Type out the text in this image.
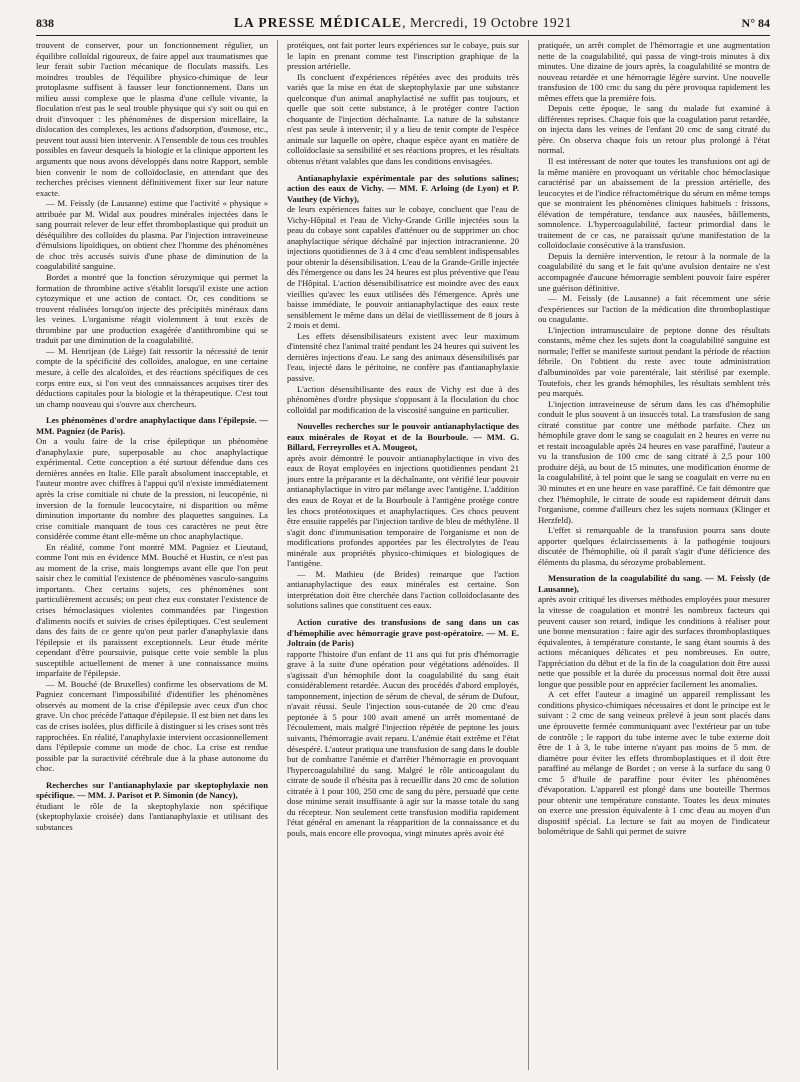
838	LA PRESSE MÉDICALE, Mercredi, 19 Octobre 1921	N° 84

trouvent de conserver, pour un fonctionnement régulier, un équilibre colloïdal rigoureux, de faire appel aux traumatismes que leur ferait subir l'action mécanique de floculats massifs. Les moindres troubles de l'équilibre physico-chimique de leur protoplasme suffisent à fausser leur fonctionnement. Dans un milieu aussi complexe que le plasma d'une cellule vivante, la floculation n'est pas le seul trouble physique qui s'y soit ou qui en droit d'invoquer : les phénomènes de dispersion micellaire, la dislocation des complexes, les actions d'adsorption, d'osmose, etc., peuvent tout aussi bien intervenir. A l'ensemble de tous ces troubles possibles en faveur desquels la biologie et la clinique apportent les arguments que nous avons développés dans notre Rapport, semble bien convenir le nom de colloïdoclasie, en attendant que des recherches précises viennent définitivement fixer sur leur nature exacte.

— M. Feissly (de Lausanne) estime que l'activité « physique » attribuée par M. Widal aux poudres minérales injectées dans le sang pourrait relever de leur effet thromboplastique qui produit un déséquilibre des colloïdes du plasma. Par l'injection intraveineuse d'émulsions lipoïdiques, on obtient chez l'homme des phénomènes de choc très accusés suivis d'une phase de diminution de la coagulabilité sanguine.

Bordet a montré que la fonction sérozymique qui permet la formation de thrombine active s'établit lorsqu'il existe une action cytozymique et une action de contact. Or, ces conditions se trouvent réalisées lorsqu'on injecte des précipités minéraux dans les veines. L'organisme réagit violemment à tout excès de thrombine par une production exagérée d'antithrombine qui se traduit par une diminution de la coagulabilité.

— M. Henrijean (de Liège) fait ressortir la nécessité de tenir compte de la spécificité des colloïdes, analogue, en une certaine mesure, à celle des alcaloïdes, et des réactions spécifiques de ces corps entre eux, si l'on veut des connaissances acquises tirer des déductions capitales pour la biologie et la thérapeutique. C'est tout un champ nouveau qui s'ouvre aux chercheurs.

Les phénomènes d'ordre anaphylactique dans l'épilepsie. — MM. Pagniez (de Paris).

On a voulu faire de la crise épileptique un phénomène d'anaphylaxie pure, superposable au choc anaphylactique expérimental. Cette conception a été surtout défendue dans ces dernières années en Italie. Elle paraît absolument inacceptable, et l'auteur montre avec chiffres à l'appui qu'il n'existe immédiatement après la crise comitiale ni chute de la pression, ni leucopénie, ni inversion de la formule leucocytaire, ni disparition ou même diminution importante du nombre des plaquettes sanguines. La crise comitiale manquant de tous ces caractères ne peut être considérée comme étant elle-même un choc anaphylactique.

En réalité, comme l'ont montré MM. Pagniez et Lieutaud, comme l'ont mis en évidence MM. Bouché et Hustin, ce n'est pas au moment de la crise, mais longtemps avant elle que l'on peut saisir chez le comitial l'existence de phénomènes vasculo-sanguins importants. Chez certains sujets, ces phénomènes sont particulièrement accusés; on peut chez eux constater l'existence de crises hémoclasiques violentes commandées par l'ingestion d'aliments nocifs et suivies de crises épileptiques. C'est seulement dans des faits de ce genre qu'on peut parler d'anaphylaxie dans l'épilepsie et ils paraissent exceptionnels. Leur étude mérite cependant d'être poursuivie, puisque cette voie semble la plus susceptible actuellement de mener à une connaissance moins imparfaite de l'épilepsie.

— M. Bouché (de Bruxelles) confirme les observations de M. Pagniez concernant l'impossibilité d'identifier les phénomènes observés au moment de la crise d'épilepsie avec ceux d'un choc grave. Un choc précède l'attaque d'épilepsie. Il est bien net dans les cas de crises isolées, plus difficile à distinguer si les crises sont très rapprochées. En réalité, l'anaphylaxie intervient occasionnellement dans l'épilepsie comme un mode de choc. La crise est rendue possible par la suractivité cérébrale due à la phase autonome du choc.

Recherches sur l'antianaphylaxie par skeptophylaxie non spécifique. — MM. J. Parisot et P. Simonin (de Nancy),

étudiant le rôle de la skeptophylaxie non spécifique (skeptophylaxie croisée) dans l'antianaphylaxie et utilisant des substances

protéiques, ont fait porter leurs expériences sur le cobaye, puis sur le lapin en prenant comme test l'inscription graphique de la pression artérielle.

Ils concluent d'expériences répétées avec des produits très variés que la mise en état de skeptophylaxie par une substance quelconque d'un animal anaphylactisé ne suffit pas toujours, et quelle que soit cette substance, à le protéger contre l'action choquante de l'injection déchaînante. La nature de la substance n'est pas seule à intervenir; il y a lieu de tenir compte de l'espèce animale sur laquelle on opère, chaque espèce ayant en matière de colloïdoclasie sa sensibilité et ses réactions propres, et les résultats obtenus n'étant valables que dans les conditions envisagées.

Antianaphylaxie expérimentale par des solutions salines; action des eaux de Vichy. — MM. F. Arloing (de Lyon) et P. Vauthey (de Vichy),

de leurs expériences faites sur le cobaye, concluent que l'eau de Vichy-Hôpital et l'eau de Vichy-Grande Grille injectées sous la peau du cobaye sont capables d'atténuer ou de supprimer un choc anaphylactique sérique déchaîné par injection intracranienne. 20 injections quotidiennes de 3 à 4 cmc d'eau semblent indispensables pour obtenir la désensibilisation. L'eau de la Grande-Grille injectée dès l'émergence ou dans les 24 heures est plus préventive que l'eau de l'Hôpital. L'action désensibilisatrice est moindre avec des eaux vieillies qu'avec les eaux utilisées dès l'émergence. Après une baisse immédiate, le pouvoir antianaphylactique des eaux reste sensiblement le même dans un délai de vieillissement de 8 jours à 2 mois et demi.

Les effets désensibilisateurs existent avec leur maximum d'intensité chez l'animal traité pendant les 24 heures qui suivent les dernières injections d'eau. Le sang des animaux désensibilisés par l'eau, injecté dans le péritoine, ne confère pas d'antianaphylaxie passive.

L'action désensibilisante des eaux de Vichy est due à des phénomènes d'ordre physique s'opposant à la floculation du choc colloïdal par modification de la viscosité sanguine en particulier.

Nouvelles recherches sur le pouvoir antianaphylactique des eaux minérales de Royat et de la Bourboule. — MM. G. Billard, Ferreyrolles et A. Mougeot,

après avoir démontré le pouvoir antianaphylactique in vivo des eaux de Royat employées en injections quotidiennes pendant 21 jours entre la préparante et la déchaînante, ont vérifié leur pouvoir antianaphylactique in vitro par mélange avec l'antigène. L'addition des eaux de Royat et de la Bourboule à l'antigène protège contre les chocs protéotoxiques et anaphylactiques. Ces chocs peuvent être ensuite rappelés par l'injection tardive de bleu de méthylène. Il s'agit donc d'immunisation temporaire de l'organisme et non de modifications profondes apportées par les électrolytes de l'eau minérale aux propriétés physico-chimiques et biologiques de l'antigène.

— M. Mathieu (de Brides) remarque que l'action antianaphylactique des eaux minérales est certaine. Son interprétation doit être cherchée dans l'action colloïdoclasante des solutions salines que constituent ces eaux.

Action curative des transfusions de sang dans un cas d'hémophilie avec hémorragie grave post-opératoire. — M. E. Joltrain (de Paris)

rapporte l'histoire d'un enfant de 11 ans qui fut pris d'hémorragie grave à la suite d'une opération pour végétations adénoïdes. Il s'agissait d'un hémophile dont la coagulabilité du sang était considérablement retardée. Aucun des procédés d'abord employés, tamponnement, injection de sérum de cheval, de sérum de Dufour, n'avait réussi. Seule l'injection sous-cutanée de 20 cmc d'eau peptonée à 5 pour 100 avait amené un arrêt momentané de l'écoulement, mais malgré l'injection répétée de peptone les jours suivants, l'hémorragie avait reparu. L'anémie était extrême et l'état désespéré. L'auteur pratiqua une transfusion de sang dans le double but de combattre l'anémie et d'arrêter l'hémorragie en provoquant l'hypercoagulabilité du sang. Malgré le rôle anticoagulant du citrate de soude il n'hésita pas à recueillir dans 20 cmc de solution citratée à 1 pour 100, 250 cmc de sang du père, persuadé que cette dose minime serait insuffisante à agir sur la masse totale du sang du récepteur. Non seulement cette transfusion modifia rapidement l'état général en amenant la réapparition de la connaissance et du pouls, mais encore elle provoqua, vingt minutes après avoir été

pratiquée, un arrêt complet de l'hémorragie et une augmentation nette de la coagulabilité, qui passa de vingt-trois minutes à dix minutes. Une dizaine de jours après, la coagulabilité se montra de nouveau retardée et une hémorragie légère survint. Une nouvelle transfusion de 100 cmc du sang du père provoqua rapidement les mêmes effets que la première fois.

Depuis cette époque, le sang du malade fut examiné à différentes reprises. Chaque fois que la coagulation parut retardée, on injecta dans les veines de l'enfant 20 cmc de sang citraté du père. On observa chaque fois un retour plus prolongé à l'état normal.

Il est intéressant de noter que toutes les transfusions ont agi de la même manière en provoquant un véritable choc hémoclasique caractérisé par un abaissement de la pression artérielle, des leucocytes et de l'indice réfractométrique du sérum en même temps que se montraient les phénomènes cliniques habituels : frissons, élévation de température, tendance aux nausées, bâillements, somnolence. L'hypercoagulabilité, facteur primordial dans le traitement de ce cas, ne paraissait qu'une manifestation de la colloïdoclasie consécutive à la transfusion.

Depuis la dernière intervention, le retour à la normale de la coagulabilité du sang et le fait qu'une avulsion dentaire ne s'est accompagnée d'aucune hémorragie semblent pouvoir faire espérer une guérison définitive.

— M. Feissly (de Lausanne) a fait récemment une série d'expériences sur l'action de la médication dite thromboplastique ou coagulante.

L'injection intramusculaire de peptone donne des résultats constants, même chez les sujets dont la coagulabilité sanguine est normale; l'effet se manifeste surtout pendant la période de réaction fébrile. On l'obtient du reste avec toute administration d'albuminoïdes par voie parentérale, lait stérilisé par exemple. Toutefois, chez les grands hémophiles, les résultats semblent très peu marqués.

L'injection intraveineuse de sérum dans les cas d'hémophilie conduit le plus souvent à un insuccès total. La transfusion de sang citraté constitue par contre une méthode parfaite. Chez un hémophile grave dont le sang se coagulait en 2 heures en verre nu et restait incoagulable après 24 heures en vase paraffiné, l'auteur a vu la transfusion de 100 cmc de sang citraté à 2,5 pour 100 produire déjà, au bout de 15 minutes, une modification énorme de la coagulabilité, à tel point que le sang se coagulait en verre nu en 30 minutes et en une heure en vase paraffiné. Ce fait démontre que chez l'hémophile, le citrate de soude est rapidement détruit dans l'organisme, comme d'ailleurs chez les sujets normaux (Klinger et Herzfeld).

L'effet si remarquable de la transfusion pourra sans doute apporter quelques éclaircissements à la pathogénie toujours discutée de l'hémophilie, où il paraît s'agir d'une déficience des éléments du plasma, du sérozyme probablement.

Mensuration de la coagulabilité du sang. — M. Feissly (de Lausanne),

après avoir critiqué les diverses méthodes employées pour mesurer la vitesse de coagulation et montré les nombreux facteurs qui peuvent causer son retard, indique les conditions à réaliser pour une bonne mensuration : faire agir des surfaces thromboplastiques équivalentes, à température constante, le sang étant soumis à des actions mécaniques délicates et peu nombreuses. En outre, l'appréciation du début et de la fin de la coagulation doit être aussi nette que possible et la durée du processus normal doit être aussi longue que possible pour en apprécier facilement les anomalies.

A cet effet l'auteur a imaginé un appareil remplissant les conditions physico-chimiques nécessaires et dont le principe est le suivant : 2 cmc de sang veineux prélevé à jeun sont placés dans une éprouvette fermée communiquant avec l'extérieur par un tube de contrôle ; le rapport du tube interne avec le tube externe doit être de 1 à 3, le tube interne n'ayant pas moins de 5 mm. de diamètre pour éviter les effets thromboplastiques et il doit être paraffiné au mélange de Bordet ; on verse à la surface du sang 0 cmc 5 d'huile de paraffine pour éviter les phénomènes d'évaporation. L'appareil est plongé dans une bouteille Thermos pour obtenir une température constante. Toutes les deux minutes on exerce une pression équivalente à 1 cmc d'eau au moyen d'un dispositif spécial. La lecture se fait au moyen de l'indicateur bolométrique de Sahli qui permet de suivre
